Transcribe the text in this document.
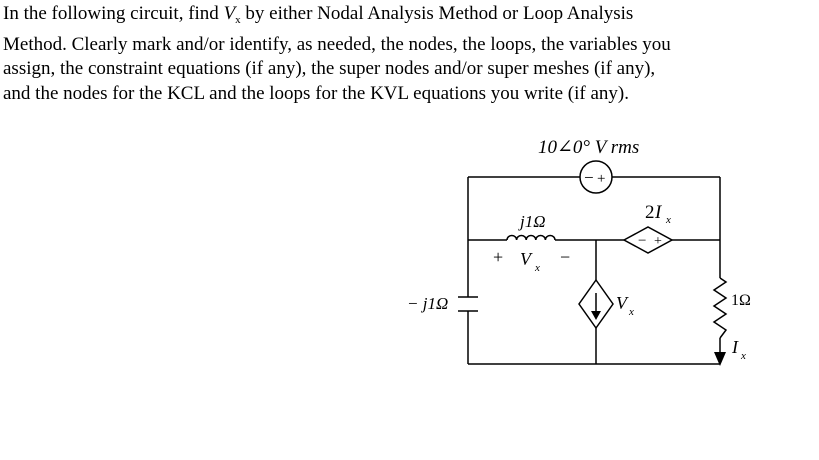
In the following circuit, find $V_x$ by either Nodal Analysis Method or Loop Analysis
Method. Clearly mark and/or identify, as needed, the nodes, the loops, the variables you
assign, the constraint equations (if any), the super nodes and/or super meshes (if any),
and the nodes for the KCL and the loops for the KVL equations you write (if any).
− +
10∠0° V rms
j1Ω
+ V x
−
2 I x
− +
− j1Ω	V x
1Ω
I x
